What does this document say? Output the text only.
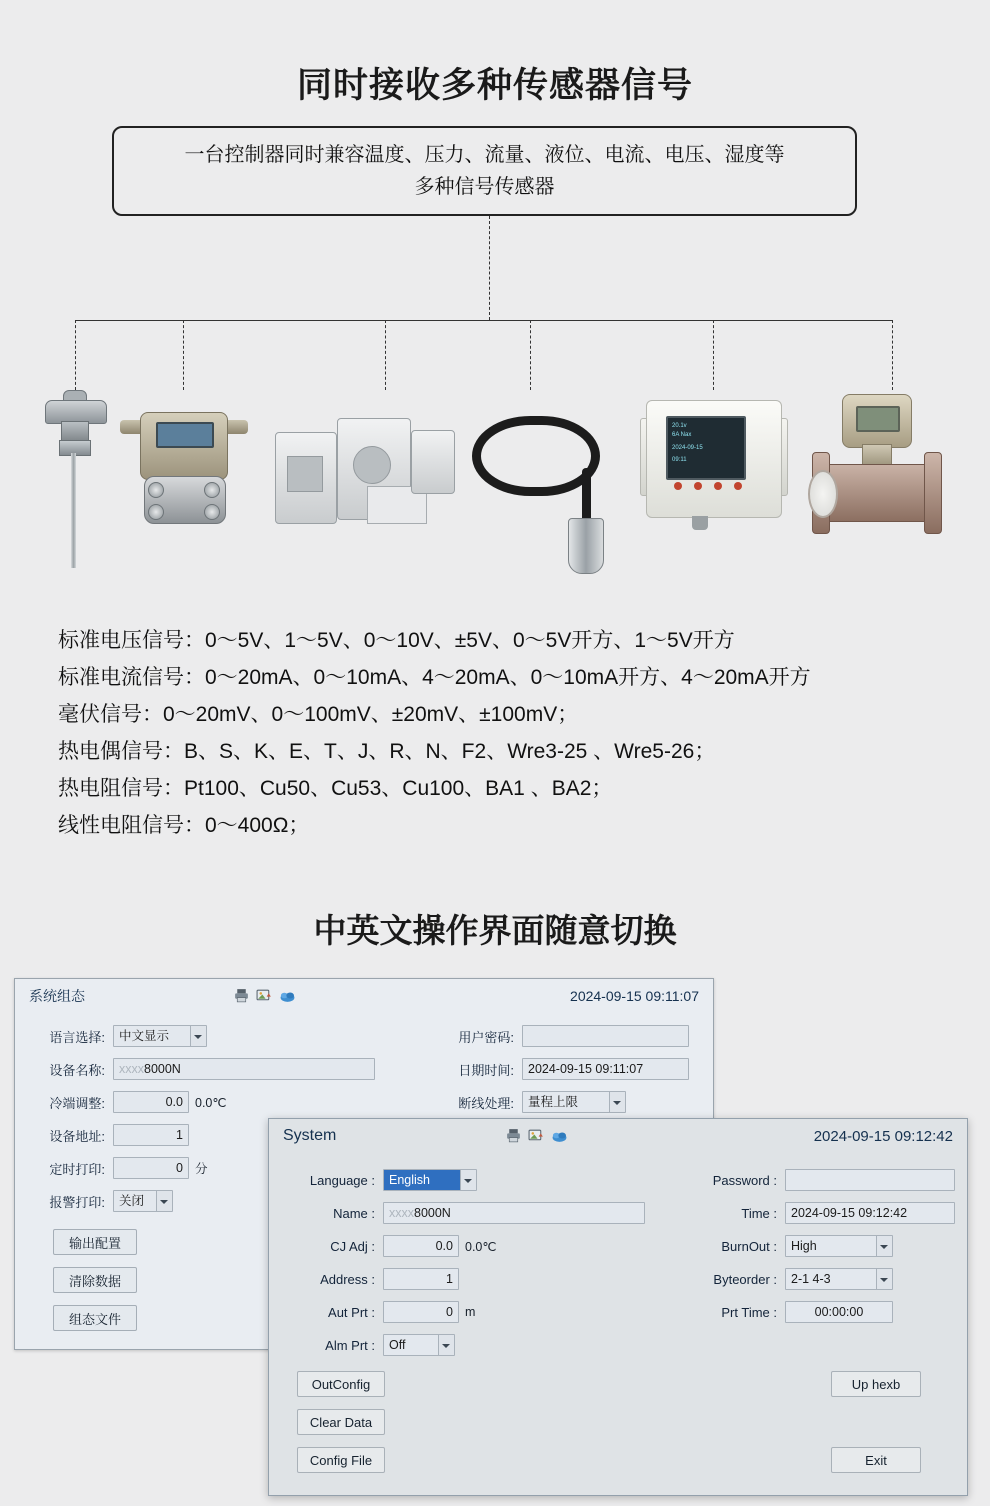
同时接收多种传感器信号
一台控制器同时兼容温度、压力、流量、液位、电流、电压、湿度等
多种信号传感器
20.1v
6A Nax
2024-09-15
09:11
标准电压信号：0～5V、1～5V、0～10V、±5V、0～5V开方、1～5V开方
标准电流信号：0～20mA、0～10mA、4～20mA、0～10mA开方、4～20mA开方
毫伏信号：0～20mV、0～100mV、±20mV、±100mV；
热电偶信号：B、S、K、E、T、J、R、N、F2、Wre3-25 、Wre5-26；
热电阻信号：Pt100、Cu50、Cu53、Cu100、BA1 、BA2；
线性电阻信号：0～400Ω；
中英文操作界面随意切换
系统组态	2024-09-15 09:11:07
语言选择:	中文显示
设备名称:	xxxx8000N
冷端调整:	0.0 0.0℃
设备地址:	1
定时打印:	0 分
报警打印:	关闭
用户密码:
日期时间:	2024-09-15 09:11:07
断线处理:	量程上限
输出配置
清除数据
组态文件
System	2024-09-15 09:12:42
Language :	English
Name :	xxxx8000N
CJ Adj :	0.0 0.0℃
Address :	1
Aut Prt :	0 m
Alm Prt :	Off
Password :
Time :	2024-09-15 09:12:42
BurnOut :	High
Byteorder :	2-1 4-3
Prt Time :	00:00:00
OutConfig
Clear Data
Config File
Up hexb
Exit
